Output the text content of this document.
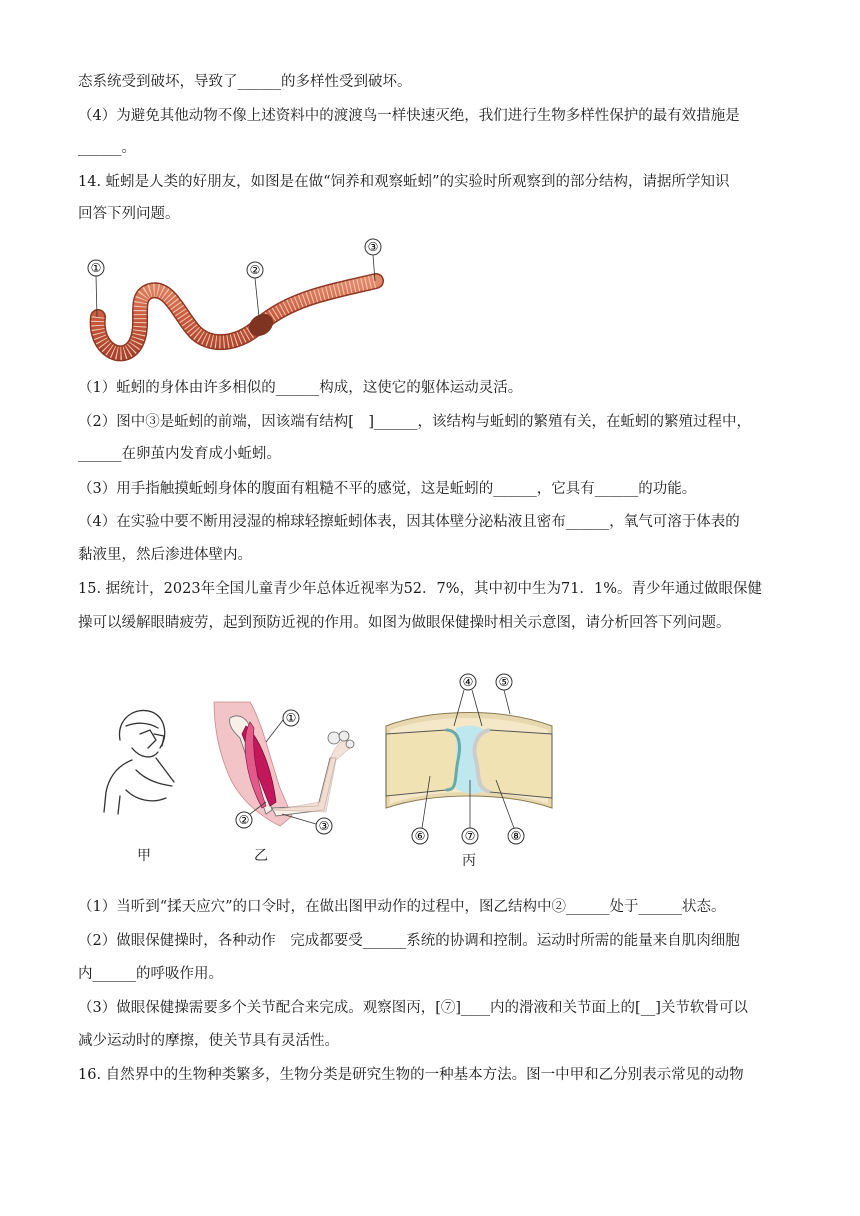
态系统受到破坏，导致了______的多样性受到破坏。
（4）为避免其他动物不像上述资料中的渡渡鸟一样快速灭绝，我们进行生物多样性保护的最有效措施是
______。
14. 蚯蚓是人类的好朋友，如图是在做“饲养和观察蚯蚓”的实验时所观察到的部分结构，请据所学知识
回答下列问题。
①	②
③
（1）蚯蚓的身体由许多相似的______构成，这使它的躯体运动灵活。
（2）图中③是蚯蚓的前端，因该端有结构[　]______，该结构与蚯蚓的繁殖有关，在蚯蚓的繁殖过程中，
______在卵茧内发育成小蚯蚓。
（3）用手指触摸蚯蚓身体的腹面有粗糙不平的感觉，这是蚯蚓的______，它具有______的功能。
（4）在实验中要不断用浸湿的棉球轻擦蚯蚓体表，因其体壁分泌粘液且密布______，氧气可溶于体表的
黏液里，然后渗进体壁内。
15. 据统计，2023年全国儿童青少年总体近视率为52．7%，其中初中生为71．1%。青少年通过做眼保健
操可以缓解眼睛疲劳，起到预防近视的作用。如图为做眼保健操时相关示意图，请分析回答下列问题。
①
②	③
④ ⑤
⑥	⑦	⑧
甲	乙	丙
（1）当听到“揉天应穴”的口令时，在做出图甲动作的过程中，图乙结构中②______处于______状态。
（2）做眼保健操时，各种动作　完成都要受______系统的协调和控制。运动时所需的能量来自肌肉细胞
内______的呼吸作用。
（3）做眼保健操需要多个关节配合来完成。观察图丙，[⑦]____内的滑液和关节面上的[__]关节软骨可以
减少运动时的摩擦，使关节具有灵活性。
16. 自然界中的生物种类繁多，生物分类是研究生物的一种基本方法。图一中甲和乙分别表示常见的动物
